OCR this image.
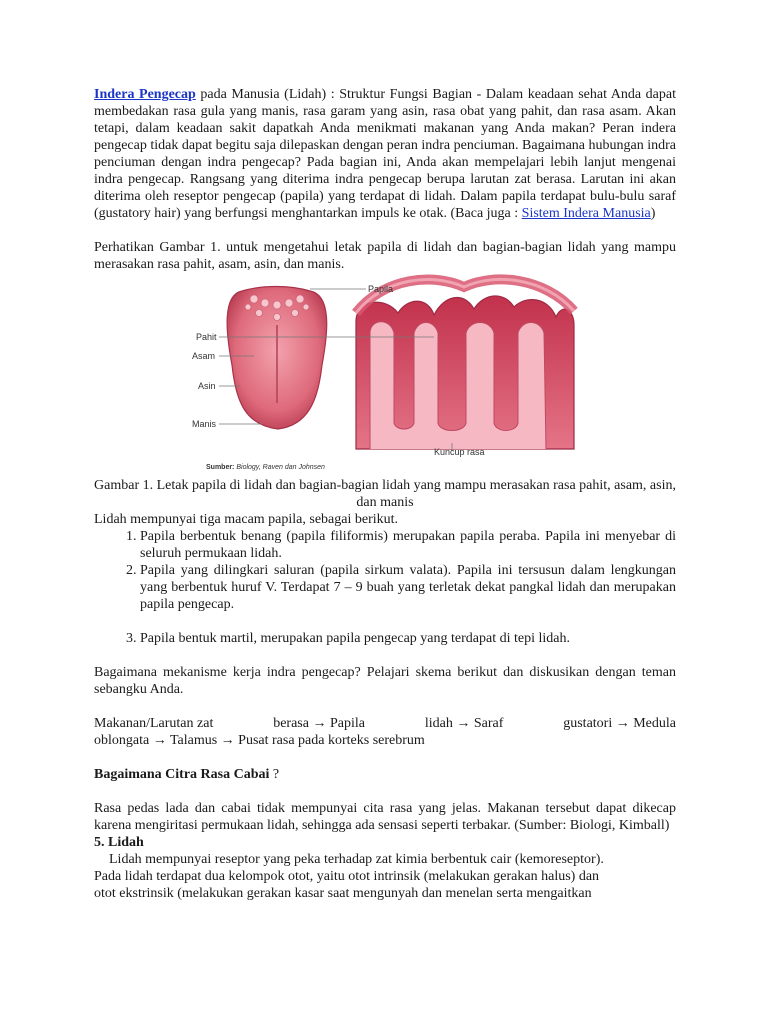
Indera Pengecap pada Manusia (Lidah) : Struktur Fungsi Bagian - Dalam keadaan sehat Anda dapat membedakan rasa gula yang manis, rasa garam yang asin, rasa obat yang pahit, dan rasa asam. Akan tetapi, dalam keadaan sakit dapatkah Anda menikmati makanan yang Anda makan? Peran indera pengecap tidak dapat begitu saja dilepaskan dengan peran indra penciuman. Bagaimana hubungan indra penciuman dengan indra pengecap? Pada bagian ini, Anda akan mempelajari lebih lanjut mengenai indra pengecap. Rangsang yang diterima indra pengecap berupa larutan zat berasa. Larutan ini akan diterima oleh reseptor pengecap (papila) yang terdapat di lidah. Dalam papila terdapat bulu-bulu saraf (gustatory hair) yang berfungsi menghantarkan impuls ke otak. (Baca juga : Sistem Indera Manusia)

Perhatikan Gambar 1. untuk mengetahui letak papila di lidah dan bagian-bagian lidah yang mampu merasakan rasa pahit, asam, asin, dan manis.

Papila
Pahit
Asam
Asin
Manis
Kuncup rasa
Sumber: Biology, Raven dan Johnsen

Gambar 1. Letak papila di lidah dan bagian-bagian lidah yang mampu merasakan rasa pahit, asam, asin, dan manis

Lidah mempunyai tiga macam papila, sebagai berikut.

1. Papila berbentuk benang (papila filiformis) merupakan papila peraba. Papila ini menyebar di seluruh permukaan lidah.
2. Papila yang dilingkari saluran (papila sirkum valata). Papila ini tersusun dalam lengkungan yang berbentuk huruf V. Terdapat 7 – 9 buah yang terletak dekat pangkal lidah dan merupakan papila pengecap.
3. Papila bentuk martil, merupakan papila pengecap yang terdapat di tepi lidah.

Bagaimana mekanisme kerja indra pengecap? Pelajari skema berikut dan diskusikan dengan teman sebangku Anda.

Makanan/Larutan zat	berasa → Papila	lidah → Saraf	gustatori → Medula

oblongata → Talamus → Pusat rasa pada korteks serebrum

Bagaimana Citra Rasa Cabai ?

Rasa pedas lada dan cabai tidak mempunyai cita rasa yang jelas. Makanan tersebut dapat dikecap karena mengiritasi permukaan lidah, sehingga ada sensasi seperti terbakar. (Sumber: Biologi, Kimball)

5. Lidah

Lidah mempunyai reseptor yang peka terhadap zat kimia berbentuk cair (kemoreseptor).

Pada lidah terdapat dua kelompok otot, yaitu otot intrinsik (melakukan gerakan halus) dan

otot ekstrinsik (melakukan gerakan kasar saat mengunyah dan menelan serta mengaitkan
